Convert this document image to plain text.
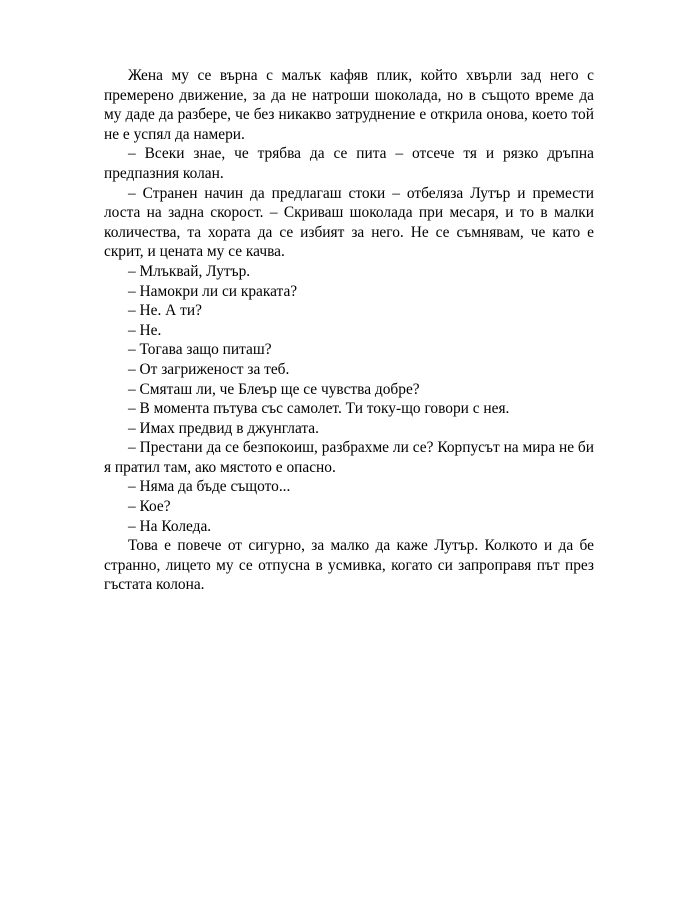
Жена му се върна с малък кафяв плик, който хвърли зад него с премерено движение, за да не натроши шоколада, но в същото време да му даде да разбере, че без никакво затруднение е открила онова, което той не е успял да намери.

– Всеки знае, че трябва да се пита – отсече тя и рязко дръпна предпазния колан.

– Странен начин да предлагаш стоки – отбеляза Лутър и премести лоста на задна скорост. – Скриваш шоколада при месаря, и то в малки количества, та хората да се избият за него. Не се съмнявам, че като е скрит, и цената му се качва.

– Млъквай, Лутър.

– Намокри ли си краката?

– Не. А ти?

– Не.

– Тогава защо питаш?

– От загриженост за теб.

– Смяташ ли, че Блеър ще се чувства добре?

– В момента пътува със самолет. Ти току-що говори с нея.

– Имах предвид в джунглата.

– Престани да се безпокоиш, разбрахме ли се? Корпусът на мира не би я пратил там, ако мястото е опасно.

– Няма да бъде същото...

– Кое?

– На Коледа.

Това е повече от сигурно, за малко да каже Лутър. Колкото и да бе странно, лицето му се отпусна в усмивка, когато си запроправя път през гъстата колона.
